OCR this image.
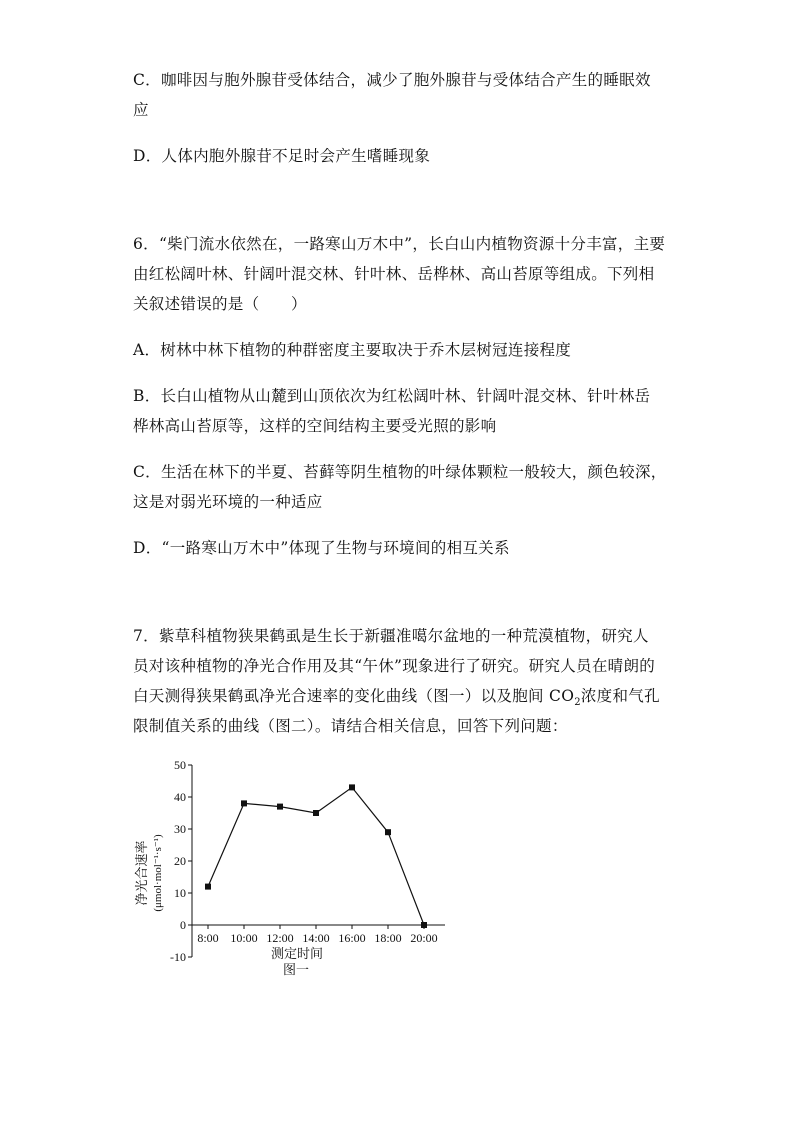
C．咖啡因与胞外腺苷受体结合，减少了胞外腺苷与受体结合产生的睡眠效
应
D．人体内胞外腺苷不足时会产生嗜睡现象
6．“柴门流水依然在，一路寒山万木中”，长白山内植物资源十分丰富，主要
由红松阔叶林、针阔叶混交林、针叶林、岳桦林、高山苔原等组成。下列相
关叙述错误的是（　　）
A．树林中林下植物的种群密度主要取决于乔木层树冠连接程度
B．长白山植物从山麓到山顶依次为红松阔叶林、针阔叶混交林、针叶林岳
桦林高山苔原等，这样的空间结构主要受光照的影响
C．生活在林下的半夏、苔藓等阴生植物的叶绿体颗粒一般较大，颜色较深，
这是对弱光环境的一种适应
D．“一路寒山万木中”体现了生物与环境间的相互关系
7．紫草科植物狭果鹤虱是生长于新疆准噶尔盆地的一种荒漠植物，研究人
员对该种植物的净光合作用及其“午休”现象进行了研究。研究人员在晴朗的
白天测得狭果鹤虱净光合速率的变化曲线（图一）以及胞间 $CO_2$浓度和气孔
限制值关系的曲线（图二）。请结合相关信息，回答下列问题：
50
40
30
20
10
0
-10
8:00 10:00 12:00 14:00 16:00 18:00 20:00
净光合速率 (μmol·mol⁻¹·s⁻¹)
测定时间
图一
